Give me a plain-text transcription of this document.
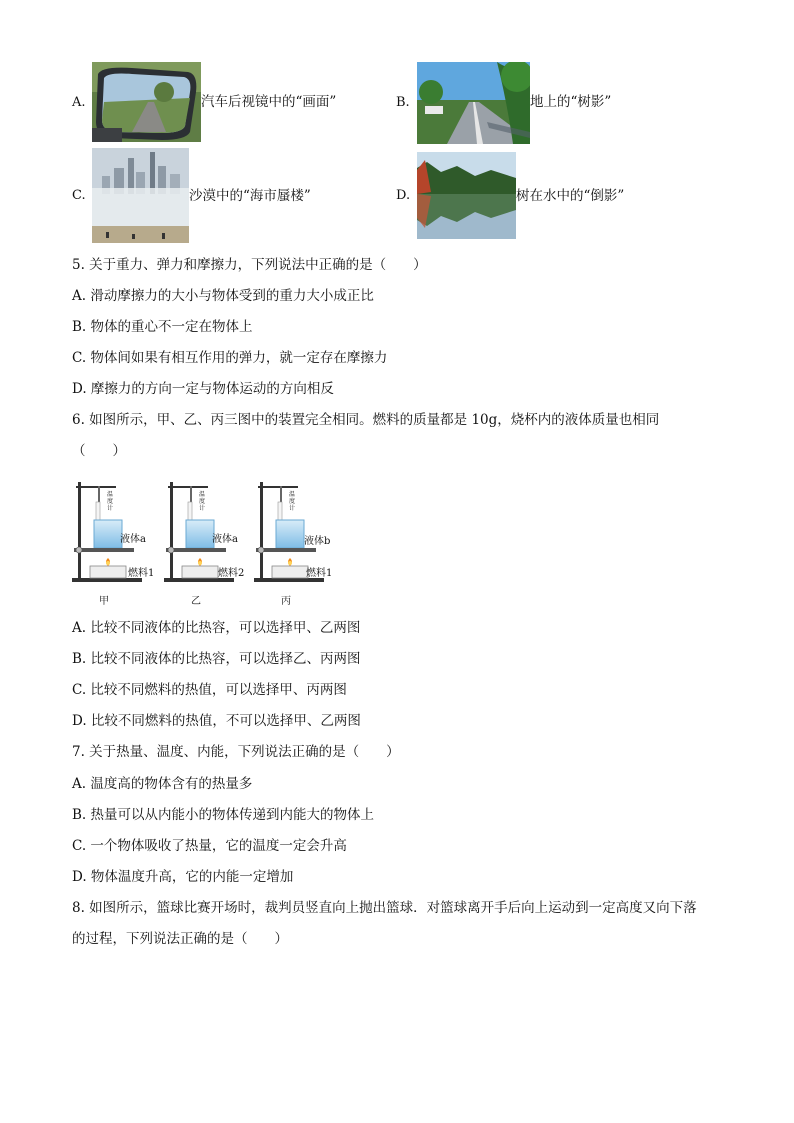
A.	汽车后视镜中的“画面”	B.	地上的“树影”
C.	沙漠中的“海市蜃楼”	D.	树在水中的“倒影”
5. 关于重力、弹力和摩擦力，下列说法中正确的是（　　）
A. 滑动摩擦力的大小与物体受到的重力大小成正比
B. 物体的重心不一定在物体上
C. 物体间如果有相互作用的弹力，就一定存在摩擦力
D. 摩擦力的方向一定与物体运动的方向相反
6. 如图所示，甲、乙、丙三图中的装置完全相同。燃料的质量都是 10g，烧杯内的液体质量也相同
（　　）
温度计
温度计
温度计
液体a
燃料1
甲
液体a
燃料2
乙
液体b
燃料1
丙
A. 比较不同液体的比热容，可以选择甲、乙两图
B. 比较不同液体的比热容，可以选择乙、丙两图
C. 比较不同燃料的热值，可以选择甲、丙两图
D. 比较不同燃料的热值，不可以选择甲、乙两图
7. 关于热量、温度、内能，下列说法正确的是（　　）
A. 温度高的物体含有的热量多
B. 热量可以从内能小的物体传递到内能大的物体上
C. 一个物体吸收了热量，它的温度一定会升高
D. 物体温度升高，它的内能一定增加
8. 如图所示，篮球比赛开场时，裁判员竖直向上抛出篮球．对篮球离开手后向上运动到一定高度又向下落
的过程，下列说法正确的是（　　）
